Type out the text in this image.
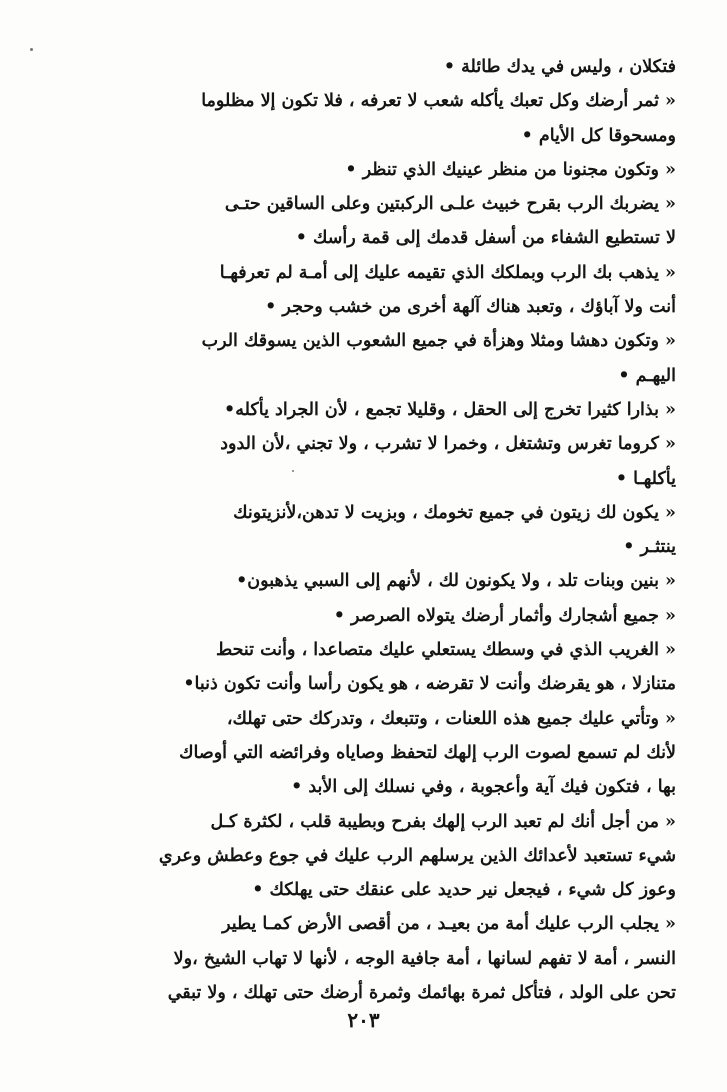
فتكلان ، وليس في يدك طائلة •
« ثمر أرضك وكل تعبك يأكله شعب لا تعرفه ، فلا تكون إلا مظلوما
ومسحوقا كل الأيام •
« وتكون مجنونا من منظر عينيك الذي تنظر •
« يضربك الرب بقرح خبيث علـى الركبتين وعلى الساقين حتـى
لا تستطيع الشفاء من أسفل قدمك إلى قمة رأسك •
« يذهب بك الرب وبملكك الذي تقيمه عليك إلى أمـة لم تعرفهـا
أنت ولا آباؤك ، وتعبد هناك آلهة أخرى من خشب وحجر •
« وتكون دهشا ومثلا وهزأة في جميع الشعوب الذين يسوقك الرب
اليهـم •
« بذارا كثيرا تخرج إلى الحقل ، وقليلا تجمع ، لأن الجراد يأكله•
« كروما تغرس وتشتغل ، وخمرا لا تشرب ، ولا تجني ،لأن الدود
يأكلهـا •
« يكون لك زيتون في جميع تخومك ، وبزيت لا تدهن،لأنزيتونك
ينتثـر •
« بنين وبنات تلد ، ولا يكونون لك ، لأنهم إلى السبي يذهبون•
« جميع أشجارك وأثمار أرضك يتولاه الصرصر •
« الغريب الذي في وسطك يستعلي عليك متصاعدا ، وأنت تنحط
متنازلا ، هو يقرضك وأنت لا تقرضه ، هو يكون رأسا وأنت تكون ذنبا•
« وتأتي عليك جميع هذه اللعنات ، وتتبعك ، وتدركك حتى تهلك،
لأنك لم تسمع لصوت الرب إلهك لتحفظ وصاياه وفرائضه التي أوصاك
بها ، فتكون فيك آية وأعجوبة ، وفي نسلك إلى الأبد •
« من أجل أنك لم تعبد الرب إلهك بفرح وبطيبة قلب ، لكثرة كـل
شيء تستعبد لأعدائك الذين يرسلهم الرب عليك في جوع وعطش وعري
وعوز كل شيء ، فيجعل نير حديد على عنقك حتى يهلكك •
« يجلب الرب عليك أمة من بعيـد ، من أقصى الأرض كمـا يطير
النسر ، أمة لا تفهم لسانها ، أمة جافية الوجه ، لأنها لا تهاب الشيخ ،ولا
تحن على الولد ، فتأكل ثمرة بهائمك وثمرة أرضك حتى تهلك ، ولا تبقي
٢٠٣
